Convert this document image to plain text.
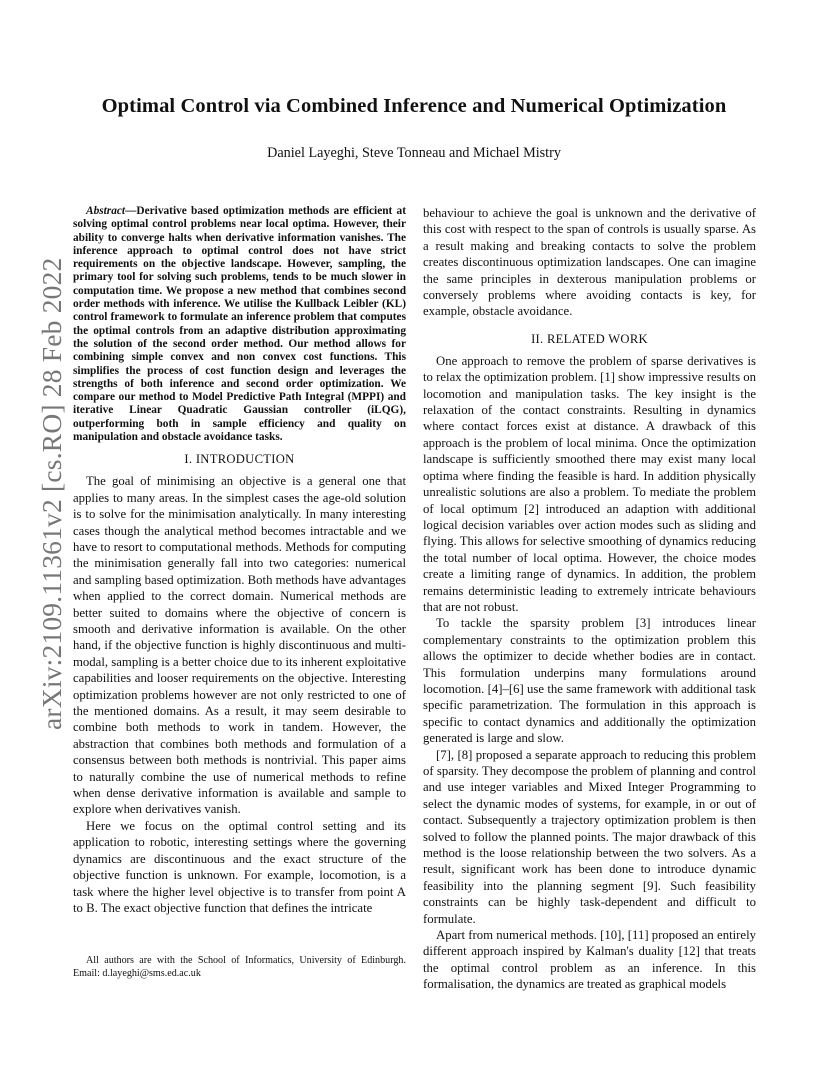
Optimal Control via Combined Inference and Numerical Optimization

Daniel Layeghi, Steve Tonneau and Michael Mistry

arXiv:2109.11361v2 [cs.RO] 28 Feb 2022

Abstract—Derivative based optimization methods are efficient at solving optimal control problems near local optima. However, their ability to converge halts when derivative information vanishes. The inference approach to optimal control does not have strict requirements on the objective landscape. However, sampling, the primary tool for solving such problems, tends to be much slower in computation time. We propose a new method that combines second order methods with inference. We utilise the Kullback Leibler (KL) control framework to formulate an inference problem that computes the optimal controls from an adaptive distribution approximating the solution of the second order method. Our method allows for combining simple convex and non convex cost functions. This simplifies the process of cost function design and leverages the strengths of both inference and second order optimization. We compare our method to Model Predictive Path Integral (MPPI) and iterative Linear Quadratic Gaussian controller (iLQG), outperforming both in sample efficiency and quality on manipulation and obstacle avoidance tasks.

I. INTRODUCTION

The goal of minimising an objective is a general one that applies to many areas. In the simplest cases the age-old solution is to solve for the minimisation analytically. In many interesting cases though the analytical method becomes intractable and we have to resort to computational methods. Methods for computing the minimisation generally fall into two categories: numerical and sampling based optimization. Both methods have advantages when applied to the correct domain. Numerical methods are better suited to domains where the objective of concern is smooth and derivative information is available. On the other hand, if the objective function is highly discontinuous and multi-modal, sampling is a better choice due to its inherent exploitative capabilities and looser requirements on the objective. Interesting optimization problems however are not only restricted to one of the mentioned domains. As a result, it may seem desirable to combine both methods to work in tandem. However, the abstraction that combines both methods and formulation of a consensus between both methods is nontrivial. This paper aims to naturally combine the use of numerical methods to refine when dense derivative information is available and sample to explore when derivatives vanish.

Here we focus on the optimal control setting and its application to robotic, interesting settings where the governing dynamics are discontinuous and the exact structure of the objective function is unknown. For example, locomotion, is a task where the higher level objective is to transfer from point A to B. The exact objective function that defines the intricate

All authors are with the School of Informatics, University of Edinburgh. Email: d.layeghi@sms.ed.ac.uk

behaviour to achieve the goal is unknown and the derivative of this cost with respect to the span of controls is usually sparse. As a result making and breaking contacts to solve the problem creates discontinuous optimization landscapes. One can imagine the same principles in dexterous manipulation problems or conversely problems where avoiding contacts is key, for example, obstacle avoidance.

II. RELATED WORK

One approach to remove the problem of sparse derivatives is to relax the optimization problem. [1] show impressive results on locomotion and manipulation tasks. The key insight is the relaxation of the contact constraints. Resulting in dynamics where contact forces exist at distance. A drawback of this approach is the problem of local minima. Once the optimization landscape is sufficiently smoothed there may exist many local optima where finding the feasible is hard. In addition physically unrealistic solutions are also a problem. To mediate the problem of local optimum [2] introduced an adaption with additional logical decision variables over action modes such as sliding and flying. This allows for selective smoothing of dynamics reducing the total number of local optima. However, the choice modes create a limiting range of dynamics. In addition, the problem remains deterministic leading to extremely intricate behaviours that are not robust.

To tackle the sparsity problem [3] introduces linear complementary constraints to the optimization problem this allows the optimizer to decide whether bodies are in contact. This formulation underpins many formulations around locomotion. [4]–[6] use the same framework with additional task specific parametrization. The formulation in this approach is specific to contact dynamics and additionally the optimization generated is large and slow.

[7], [8] proposed a separate approach to reducing this problem of sparsity. They decompose the problem of planning and control and use integer variables and Mixed Integer Programming to select the dynamic modes of systems, for example, in or out of contact. Subsequently a trajectory optimization problem is then solved to follow the planned points. The major drawback of this method is the loose relationship between the two solvers. As a result, significant work has been done to introduce dynamic feasibility into the planning segment [9]. Such feasibility constraints can be highly task-dependent and difficult to formulate.

Apart from numerical methods. [10], [11] proposed an entirely different approach inspired by Kalman's duality [12] that treats the optimal control problem as an inference. In this formalisation, the dynamics are treated as graphical models
